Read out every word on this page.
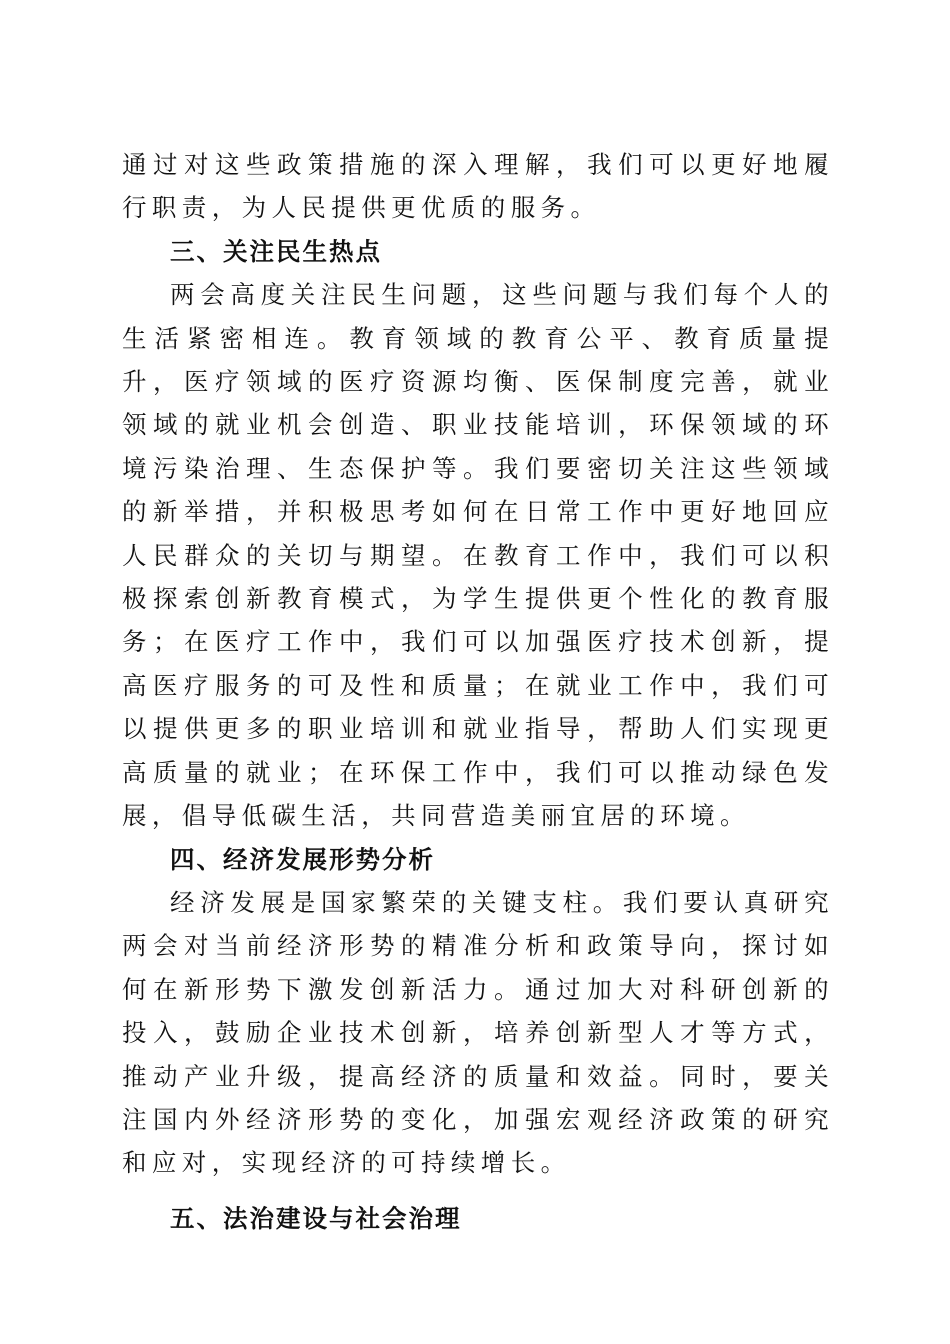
通过对这些政策措施的深入理解，我们可以更好地履行职责，为人民提供更优质的服务。

三、关注民生热点

两会高度关注民生问题，这些问题与我们每个人的生活紧密相连。教育领域的教育公平、教育质量提升，医疗领域的医疗资源均衡、医保制度完善，就业领域的就业机会创造、职业技能培训，环保领域的环境污染治理、生态保护等。我们要密切关注这些领域的新举措，并积极思考如何在日常工作中更好地回应人民群众的关切与期望。在教育工作中，我们可以积极探索创新教育模式，为学生提供更个性化的教育服务；在医疗工作中，我们可以加强医疗技术创新，提高医疗服务的可及性和质量；在就业工作中，我们可以提供更多的职业培训和就业指导，帮助人们实现更高质量的就业；在环保工作中，我们可以推动绿色发展，倡导低碳生活，共同营造美丽宜居的环境。

四、经济发展形势分析

经济发展是国家繁荣的关键支柱。我们要认真研究两会对当前经济形势的精准分析和政策导向，探讨如何在新形势下激发创新活力。通过加大对科研创新的投入，鼓励企业技术创新，培养创新型人才等方式，推动产业升级，提高经济的质量和效益。同时，要关注国内外经济形势的变化，加强宏观经济政策的研究和应对，实现经济的可持续增长。

五、法治建设与社会治理
